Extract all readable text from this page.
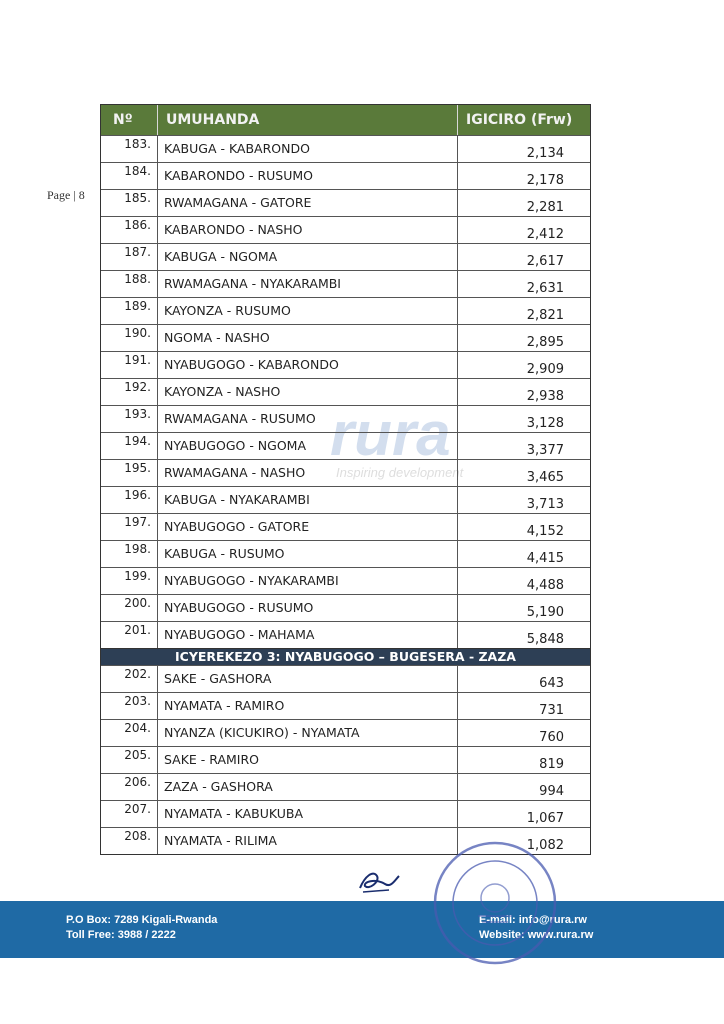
Page | 8
rura
Inspiring development
Nº	UMUHANDA	IGICIRO (Frw)
183.	KABUGA - KABARONDO	2,134
184.	KABARONDO - RUSUMO	2,178
185.	RWAMAGANA - GATORE	2,281
186.	KABARONDO - NASHO	2,412
187.	KABUGA - NGOMA	2,617
188.	RWAMAGANA - NYAKARAMBI	2,631
189.	KAYONZA - RUSUMO	2,821
190.	NGOMA - NASHO	2,895
191.	NYABUGOGO - KABARONDO	2,909
192.	KAYONZA - NASHO	2,938
193.	RWAMAGANA - RUSUMO	3,128
194.	NYABUGOGO - NGOMA	3,377
195.	RWAMAGANA - NASHO	3,465
196.	KABUGA - NYAKARAMBI	3,713
197.	NYABUGOGO - GATORE	4,152
198.	KABUGA - RUSUMO	4,415
199.	NYABUGOGO - NYAKARAMBI	4,488
200.	NYABUGOGO - RUSUMO	5,190
201.	NYABUGOGO - MAHAMA	5,848
ICYEREKEZO 3: NYABUGOGO – BUGESERA - ZAZA
202.	SAKE - GASHORA	643
203.	NYAMATA - RAMIRO	731
204.	NYANZA (KICUKIRO) - NYAMATA	760
205.	SAKE - RAMIRO	819
206.	ZAZA - GASHORA	994
207.	NYAMATA - KABUKUBA	1,067
208.	NYAMATA - RILIMA	1,082
P.O Box: 7289 Kigali-Rwanda
Toll Free: 3988 / 2222
E-mail: info@rura.rw
Website: www.rura.rw
